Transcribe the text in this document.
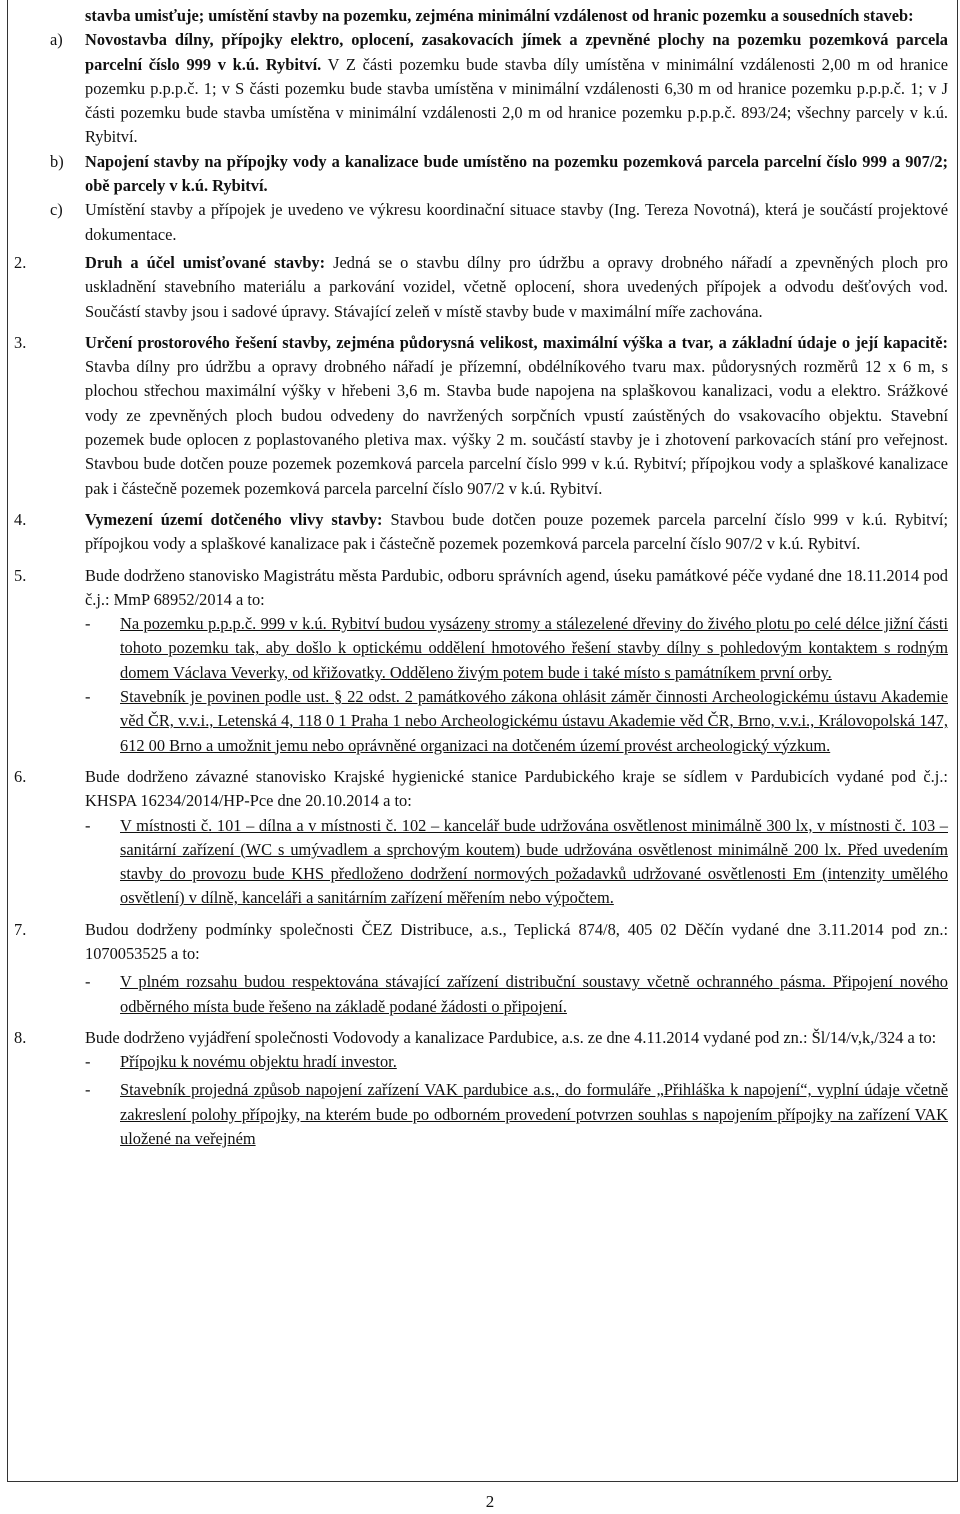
stavba umisťuje; umístění stavby na pozemku, zejména minimální vzdálenost od hranic pozemku a sousedních staveb:

a) Novostavba dílny, přípojky elektro, oplocení, zasakovacích jímek a zpevněné plochy na pozemku pozemková parcela parcelní číslo 999 v k.ú. Rybitví. V Z části pozemku bude stavba díly umístěna v minimální vzdálenosti 2,00 m od hranice pozemku p.p.p.č. 1; v S části pozemku bude stavba umístěna v minimální vzdálenosti 6,30 m od hranice pozemku p.p.p.č. 1; v J části pozemku bude stavba umístěna v minimální vzdálenosti 2,0 m od hranice pozemku p.p.p.č. 893/24; všechny parcely v k.ú. Rybitví.

b) Napojení stavby na přípojky vody a kanalizace bude umístěno na pozemku pozemková parcela parcelní číslo 999 a 907/2; obě parcely v k.ú. Rybitví.

c) Umístění stavby a přípojek je uvedeno ve výkresu koordinační situace stavby (Ing. Tereza Novotná), která je součástí projektové dokumentace.

2.	Druh a účel umisťované stavby: Jedná se o stavbu dílny pro údržbu a opravy drobného nářadí a zpevněných ploch pro uskladnění stavebního materiálu a parkování vozidel, včetně oplocení, shora uvedených přípojek a odvodu dešťových vod. Součástí stavby jsou i sadové úpravy. Stávající zeleň v místě stavby bude v maximální míře zachována.

3.	Určení prostorového řešení stavby, zejména půdorysná velikost, maximální výška a tvar, a základní údaje o její kapacitě: Stavba dílny pro údržbu a opravy drobného nářadí je přízemní, obdélníkového tvaru max. půdorysných rozměrů 12 x 6 m, s plochou střechou maximální výšky v hřebeni 3,6 m. Stavba bude napojena na splaškovou kanalizaci, vodu a elektro. Srážkové vody ze zpevněných ploch budou odvedeny do navržených sorpčních vpustí zaústěných do vsakovacího objektu. Stavební pozemek bude oplocen z poplastovaného pletiva max. výšky 2 m. součástí stavby je i zhotovení parkovacích stání pro veřejnost. Stavbou bude dotčen pouze pozemek pozemková parcela parcelní číslo 999 v k.ú. Rybitví; přípojkou vody a splaškové kanalizace pak i částečně pozemek pozemková parcela parcelní číslo 907/2 v k.ú. Rybitví.

4.	Vymezení území dotčeného vlivy stavby: Stavbou bude dotčen pouze pozemek parcela parcelní číslo 999 v k.ú. Rybitví; přípojkou vody a splaškové kanalizace pak i částečně pozemek pozemková parcela parcelní číslo 907/2 v k.ú. Rybitví.

5.	Bude dodrženo stanovisko Magistrátu města Pardubic, odboru správních agend, úseku památkové péče vydané dne 18.11.2014 pod č.j.: MmP 68952/2014 a to:

- Na pozemku p.p.p.č. 999 v k.ú. Rybitví budou vysázeny stromy a stálezelené dřeviny do živého plotu po celé délce jižní části tohoto pozemku tak, aby došlo k optickému oddělení hmotového řešení stavby dílny s pohledovým kontaktem s rodným domem Václava Veverky, od křižovatky. Odděleno živým potem bude i také místo s památníkem první orby.

- Stavebník je povinen podle ust. § 22 odst. 2 památkového zákona ohlásit záměr činnosti Archeologickému ústavu Akademie věd ČR, v.v.i., Letenská 4, 118 0 1 Praha 1 nebo Archeologickému ústavu Akademie věd ČR, Brno, v.v.i., Královopolská 147, 612 00 Brno a umožnit jemu nebo oprávněné organizaci na dotčeném území provést archeologický výzkum.

6.	Bude dodrženo závazné stanovisko Krajské hygienické stanice Pardubického kraje se sídlem v Pardubicích vydané pod č.j.: KHSPA 16234/2014/HP-Pce dne 20.10.2014 a to:

- V místnosti č. 101 – dílna a v místnosti č. 102 – kancelář bude udržována osvětlenost minimálně 300 lx, v místnosti č. 103 – sanitární zařízení (WC s umývadlem a sprchovým koutem) bude udržována osvětlenost minimálně 200 lx. Před uvedením stavby do provozu bude KHS předloženo dodržení normových požadavků udržované osvětlenosti Em (intenzity umělého osvětlení) v dílně, kanceláři a sanitárním zařízení měřením nebo výpočtem.

7.	Budou dodrženy podmínky společnosti ČEZ Distribuce, a.s., Teplická 874/8, 405 02 Děčín vydané dne 3.11.2014 pod zn.: 1070053525 a to:

- V plném rozsahu budou respektována stávající zařízení distribuční soustavy včetně ochranného pásma. Připojení nového odběrného místa bude řešeno na základě podané žádosti o připojení.

8.	Bude dodrženo vyjádření společnosti Vodovody a kanalizace Pardubice, a.s. ze dne 4.11.2014 vydané pod zn.: Šl/14/v,k,/324 a to:

- Přípojku k novému objektu hradí investor.

- Stavebník projedná způsob napojení zařízení VAK pardubice a.s., do formuláře „Přihláška k napojení“, vyplní údaje včetně zakreslení polohy přípojky, na kterém bude po odborném provedení potvrzen souhlas s napojením přípojky na zařízení VAK uložené na veřejném

2
